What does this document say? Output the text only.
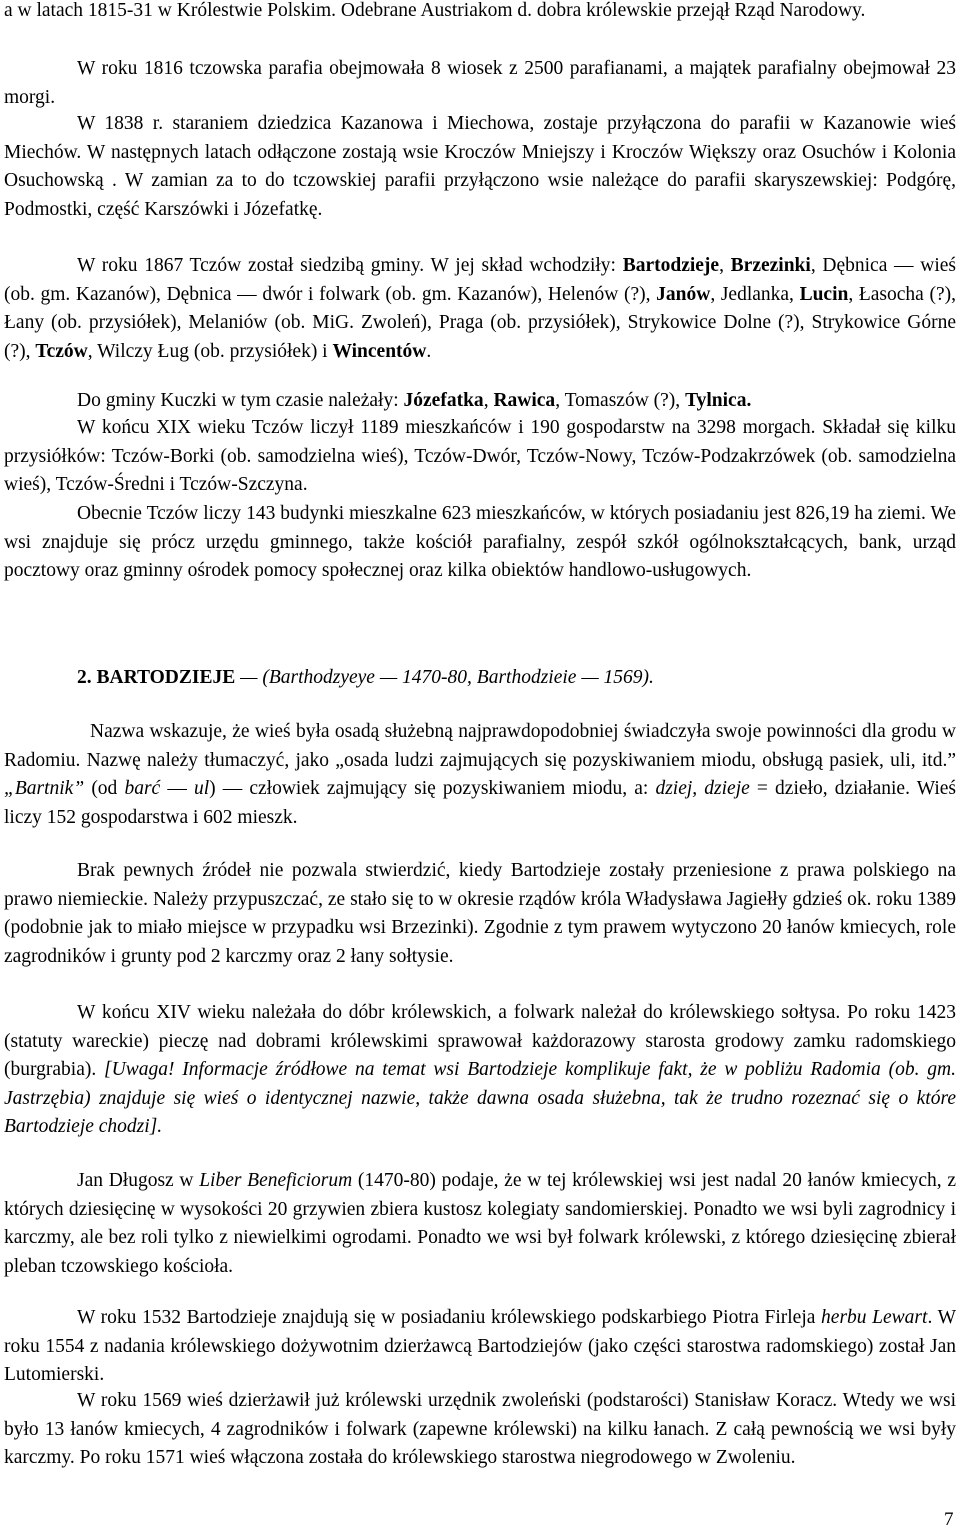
a w latach 1815-31 w Królestwie Polskim. Odebrane Austriakom d. dobra królewskie przejął Rząd Narodowy.

W roku 1816 tczowska parafia obejmowała 8 wiosek z 2500 parafianami, a majątek parafialny obejmował 23 morgi.

W 1838 r. staraniem dziedzica Kazanowa i Miechowa, zostaje przyłączona do parafii w Kazanowie wieś Miechów. W następnych latach odłączone zostają wsie Kroczów Mniejszy i Kroczów Większy oraz Osuchów i Kolonia Osuchowską . W zamian za to do tczowskiej parafii przyłączono wsie należące do parafii skaryszewskiej: Podgórę, Podmostki, część Karszówki i Józefatkę.

W roku 1867 Tczów został siedzibą gminy. W jej skład wchodziły: Bartodzieje, Brzezinki, Dębnica — wieś (ob. gm. Kazanów), Dębnica — dwór i folwark (ob. gm. Kazanów), Helenów (?), Janów, Jedlanka, Lucin, Łasocha (?), Łany (ob. przysiółek), Melaniów (ob. MiG. Zwoleń), Praga (ob. przysiółek), Strykowice Dolne (?), Strykowice Górne (?), Tczów, Wilczy Ług (ob. przysiółek) i Wincentów.

Do gminy Kuczki w tym czasie należały: Józefatka, Rawica, Tomaszów (?), Tylnica.

W końcu XIX wieku Tczów liczył 1189 mieszkańców i 190 gospodarstw na 3298 morgach. Składał się kilku przysiółków: Tczów-Borki (ob. samodzielna wieś), Tczów-Dwór, Tczów-Nowy, Tczów-Podzakrzówek (ob. samodzielna wieś), Tczów-Średni i Tczów-Szczyna.

Obecnie Tczów liczy 143 budynki mieszkalne 623 mieszkańców, w których posiadaniu jest 826,19 ha ziemi. We wsi znajduje się prócz urzędu gminnego, także kościół parafialny, zespół szkół ogólnokształcących, bank, urząd pocztowy oraz gminny ośrodek pomocy społecznej oraz kilka obiektów handlowo-usługowych.

2. BARTODZIEJE — (Barthodzyeye — 1470-80, Barthodzieie — 1569).

Nazwa wskazuje, że wieś była osadą służebną najprawdopodobniej świadczyła swoje powinności dla grodu w Radomiu. Nazwę należy tłumaczyć, jako „osada ludzi zajmujących się pozyskiwaniem miodu, obsługą pasiek, uli, itd.” „Bartnik” (od barć — ul) — człowiek zajmujący się pozyskiwaniem miodu, a: dziej, dzieje = dzieło, działanie. Wieś liczy 152 gospodarstwa i 602 mieszk.

Brak pewnych źródeł nie pozwala stwierdzić, kiedy Bartodzieje zostały przeniesione z prawa polskiego na prawo niemieckie. Należy przypuszczać, ze stało się to w okresie rządów króla Władysława Jagiełły gdzieś ok. roku 1389 (podobnie jak to miało miejsce w przypadku wsi Brzezinki). Zgodnie z tym prawem wytyczono 20 łanów kmiecych, role zagrodników i grunty pod 2 karczmy oraz 2 łany sołtysie.

W końcu XIV wieku należała do dóbr królewskich, a folwark należał do królewskiego sołtysa. Po roku 1423 (statuty wareckie) pieczę nad dobrami królewskimi sprawował każdorazowy starosta grodowy zamku radomskiego (burgrabia). [Uwaga! Informacje źródłowe na temat wsi Bartodzieje komplikuje fakt, że w pobliżu Radomia (ob. gm. Jastrzębia) znajduje się wieś o identycznej nazwie, także dawna osada służebna, tak że trudno rozeznać się o które Bartodzieje chodzi].

Jan Długosz w Liber Beneficiorum (1470-80) podaje, że w tej królewskiej wsi jest nadal 20 łanów kmiecych, z których dziesięcinę w wysokości 20 grzywien zbiera kustosz kolegiaty sandomierskiej. Ponadto we wsi byli zagrodnicy i karczmy, ale bez roli tylko z niewielkimi ogrodami. Ponadto we wsi był folwark królewski, z którego dziesięcinę zbierał pleban tczowskiego kościoła.

W roku 1532 Bartodzieje znajdują się w posiadaniu królewskiego podskarbiego Piotra Firleja herbu Lewart. W roku 1554 z nadania królewskiego dożywotnim dzierżawcą Bartodziejów (jako części starostwa radomskiego) został Jan Lutomierski.

W roku 1569 wieś dzierżawił już królewski urzędnik zwoleński (podstarości) Stanisław Koracz. Wtedy we wsi było 13 łanów kmiecych, 4 zagrodników i folwark (zapewne królewski) na kilku łanach. Z całą pewnością we wsi były karczmy. Po roku 1571 wieś włączona została do królewskiego starostwa niegrodowego w Zwoleniu.

7
